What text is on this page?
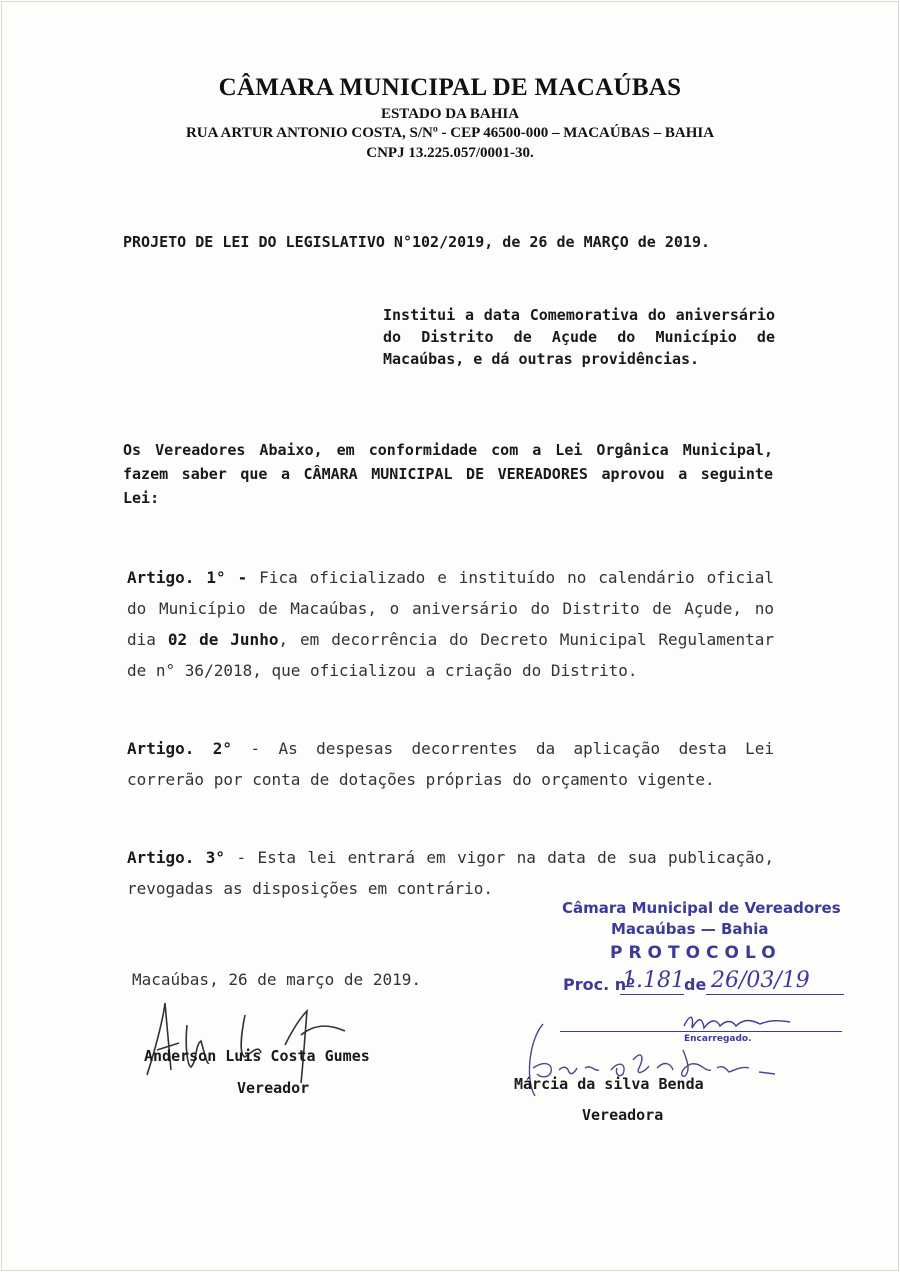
CÂMARA MUNICIPAL DE MACAÚBAS
ESTADO DA BAHIA
RUA ARTUR ANTONIO COSTA, S/Nº - CEP 46500-000 – MACAÚBAS – BAHIA
CNPJ 13.225.057/0001-30.
PROJETO DE LEI DO LEGISLATIVO N°102/2019, de 26 de MARÇO de 2019.
Institui a data Comemorativa do aniversário do Distrito de Açude do Município de Macaúbas, e dá outras providências.
Os Vereadores Abaixo, em conformidade com a Lei Orgânica Municipal, fazem saber que a CÂMARA MUNICIPAL DE VEREADORES aprovou a seguinte Lei:
Artigo. 1° - Fica oficializado e instituído no calendário oficial do Município de Macaúbas, o aniversário do Distrito de Açude, no dia 02 de Junho, em decorrência do Decreto Municipal Regulamentar de n° 36/2018, que oficializou a criação do Distrito.
Artigo. 2° - As despesas decorrentes da aplicação desta Lei correrão por conta de dotações próprias do orçamento vigente.
Artigo. 3° - Esta lei entrará em vigor na data de sua publicação, revogadas as disposições em contrário.
Macaúbas, 26 de março de 2019.
Anderson Luis Costa Gumes
Vereador	Márcia da silva Benda
Vereadora
Câmara Municipal de Vereadores
Macaúbas — Bahia
PROTOCOLO
Proc. nº
1.181 de 26/03/19
Encarregado.
